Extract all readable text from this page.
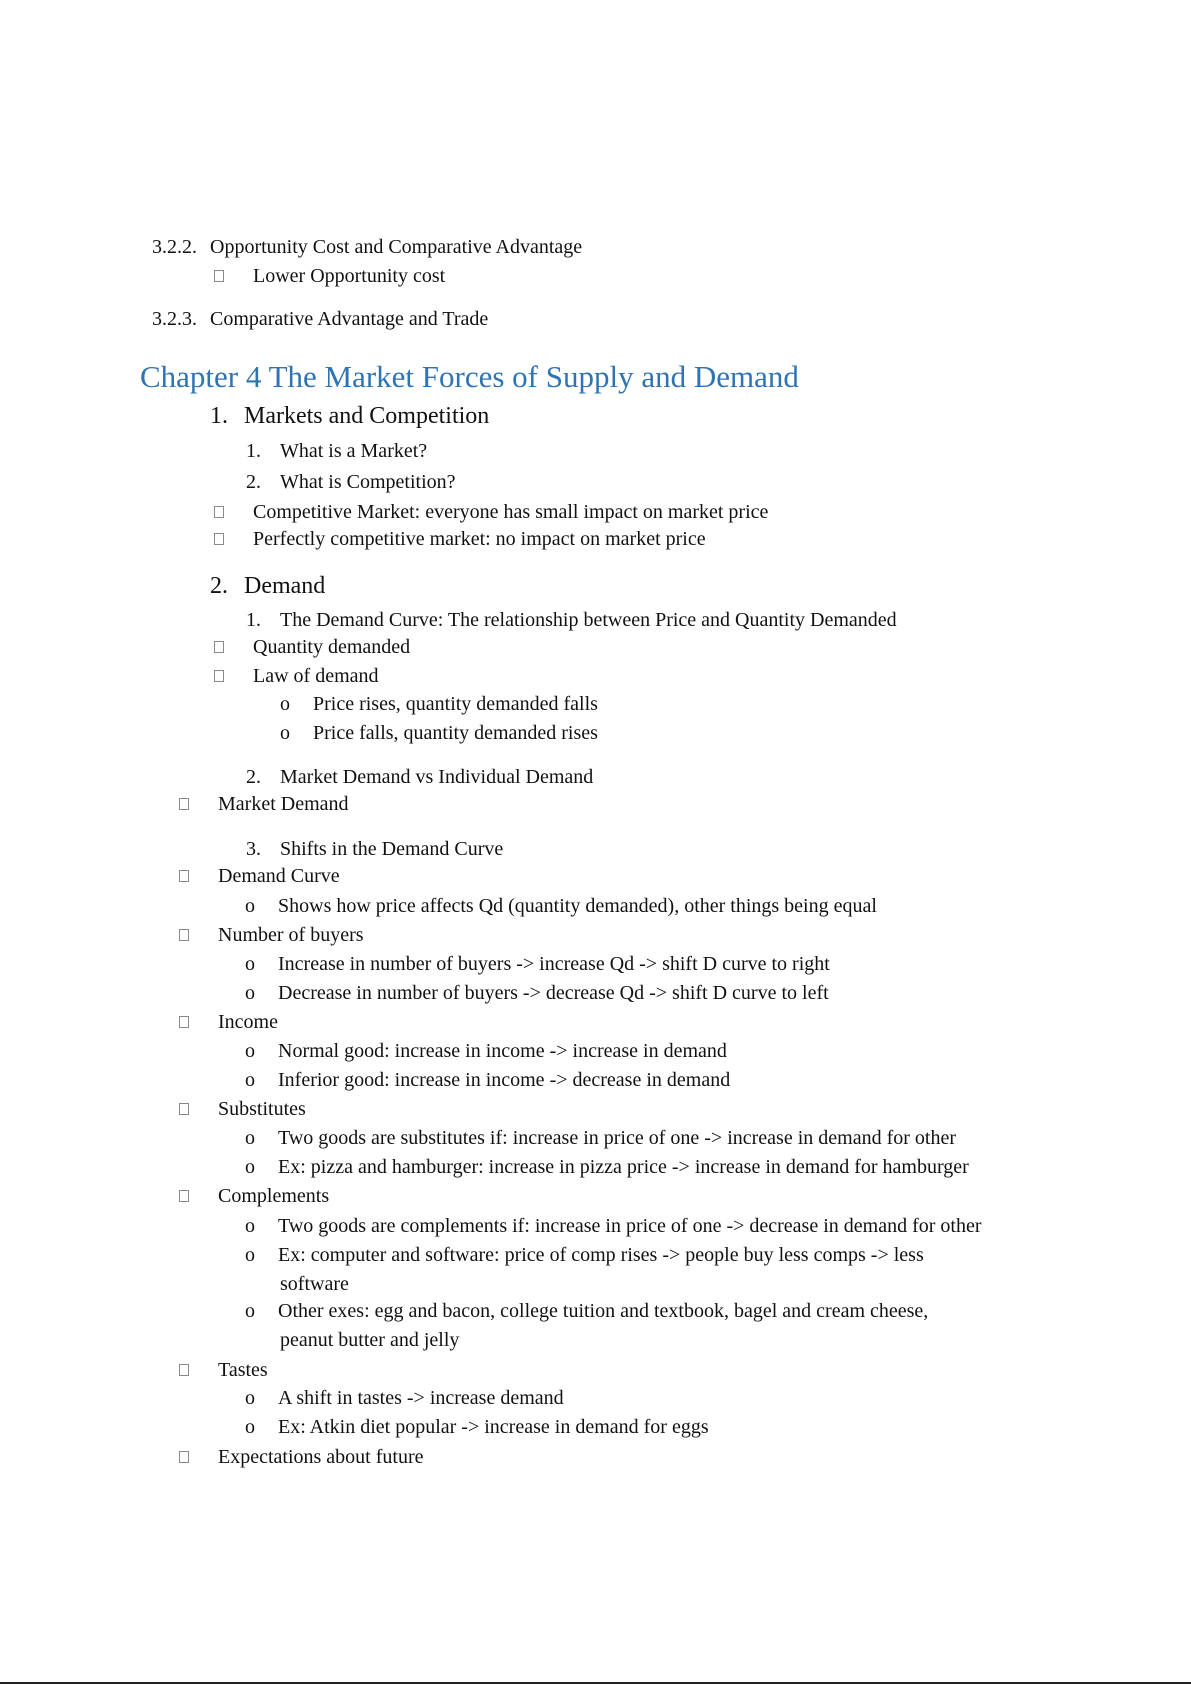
3.2.2. Opportunity Cost and Comparative Advantage
Lower Opportunity cost
3.2.3. Comparative Advantage and Trade
Chapter 4 The Market Forces of Supply and Demand
1. Markets and Competition
1. What is a Market?
2. What is Competition?
Competitive Market: everyone has small impact on market price
Perfectly competitive market: no impact on market price
2. Demand
1. The Demand Curve: The relationship between Price and Quantity Demanded
Quantity demanded
Law of demand
o Price rises, quantity demanded falls
o Price falls, quantity demanded rises
2. Market Demand vs Individual Demand
Market Demand
3. Shifts in the Demand Curve
Demand Curve
o Shows how price affects Qd (quantity demanded), other things being equal
Number of buyers
o Increase in number of buyers -> increase Qd -> shift D curve to right
o Decrease in number of buyers -> decrease Qd -> shift D curve to left
Income
o Normal good: increase in income -> increase in demand
o Inferior good: increase in income -> decrease in demand
Substitutes
o Two goods are substitutes if: increase in price of one -> increase in demand for other
o Ex: pizza and hamburger: increase in pizza price -> increase in demand for hamburger
Complements
o Two goods are complements if: increase in price of one -> decrease in demand for other
o Ex: computer and software: price of comp rises -> people buy less comps -> less
software
o Other exes: egg and bacon, college tuition and textbook, bagel and cream cheese,
peanut butter and jelly
Tastes
o A shift in tastes -> increase demand
o Ex: Atkin diet popular -> increase in demand for eggs
Expectations about future
